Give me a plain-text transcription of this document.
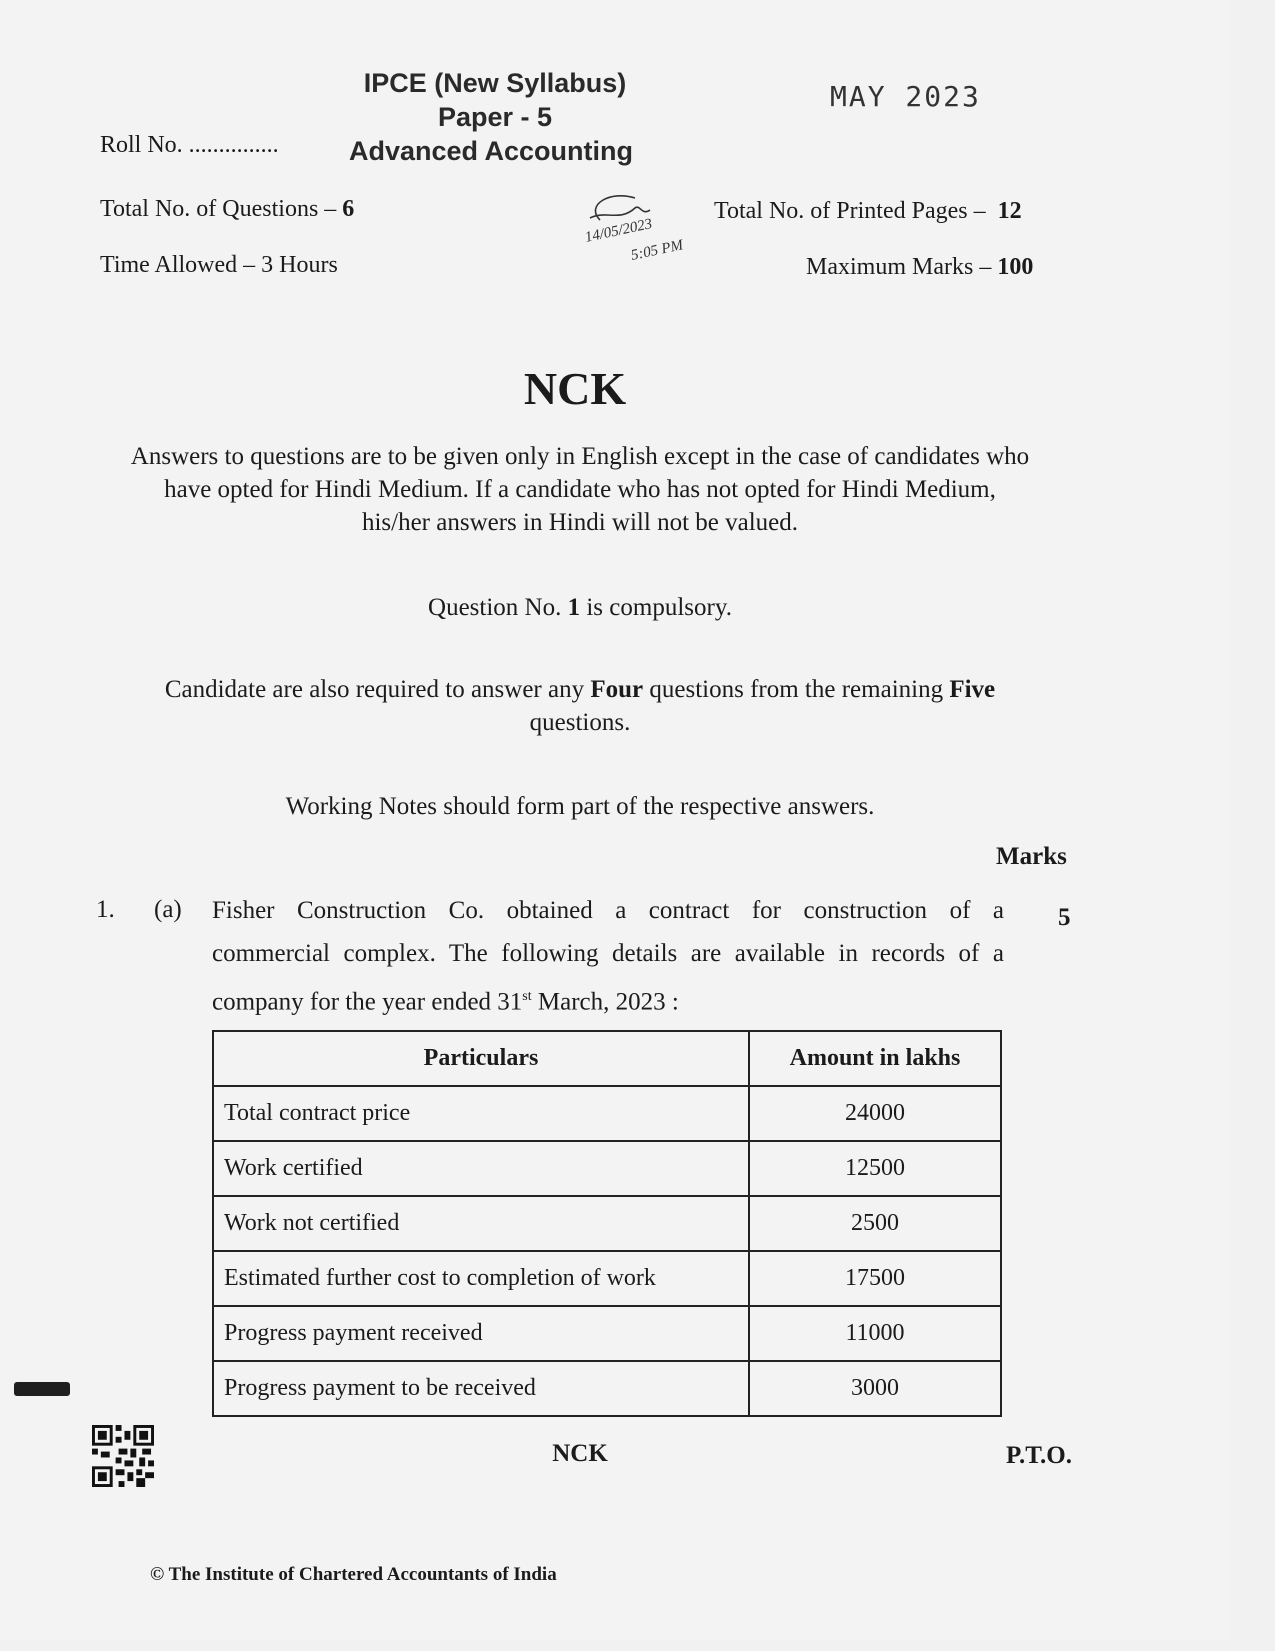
IPCE (New Syllabus)
Paper - 5
Advanced Accounting
MAY 2023
Roll No. ...............
Total No. of Questions – 6	Total No. of Printed Pages – 12
Time Allowed – 3 Hours	Maximum Marks – 100
14/05/2023
5:05 PM
NCK
Answers to questions are to be given only in English except in the case of candidates who
have opted for Hindi Medium. If a candidate who has not opted for Hindi Medium,
his/her answers in Hindi will not be valued.
Question No. 1 is compulsory.
Candidate are also required to answer any Four questions from the remaining Five questions.
Working Notes should form part of the respective answers.
Marks
1. (a)	5
Fisher Construction Co. obtained a contract for construction of a
commercial complex. The following details are available in records of a
company for the year ended 31st March, 2023 :
Particulars	Amount in lakhs
Total contract price	24000
Work certified	12500
Work not certified	2500
Estimated further cost to completion of work	17500
Progress payment received	11000
Progress payment to be received	3000
NCK	P.T.O.
© The Institute of Chartered Accountants of India
